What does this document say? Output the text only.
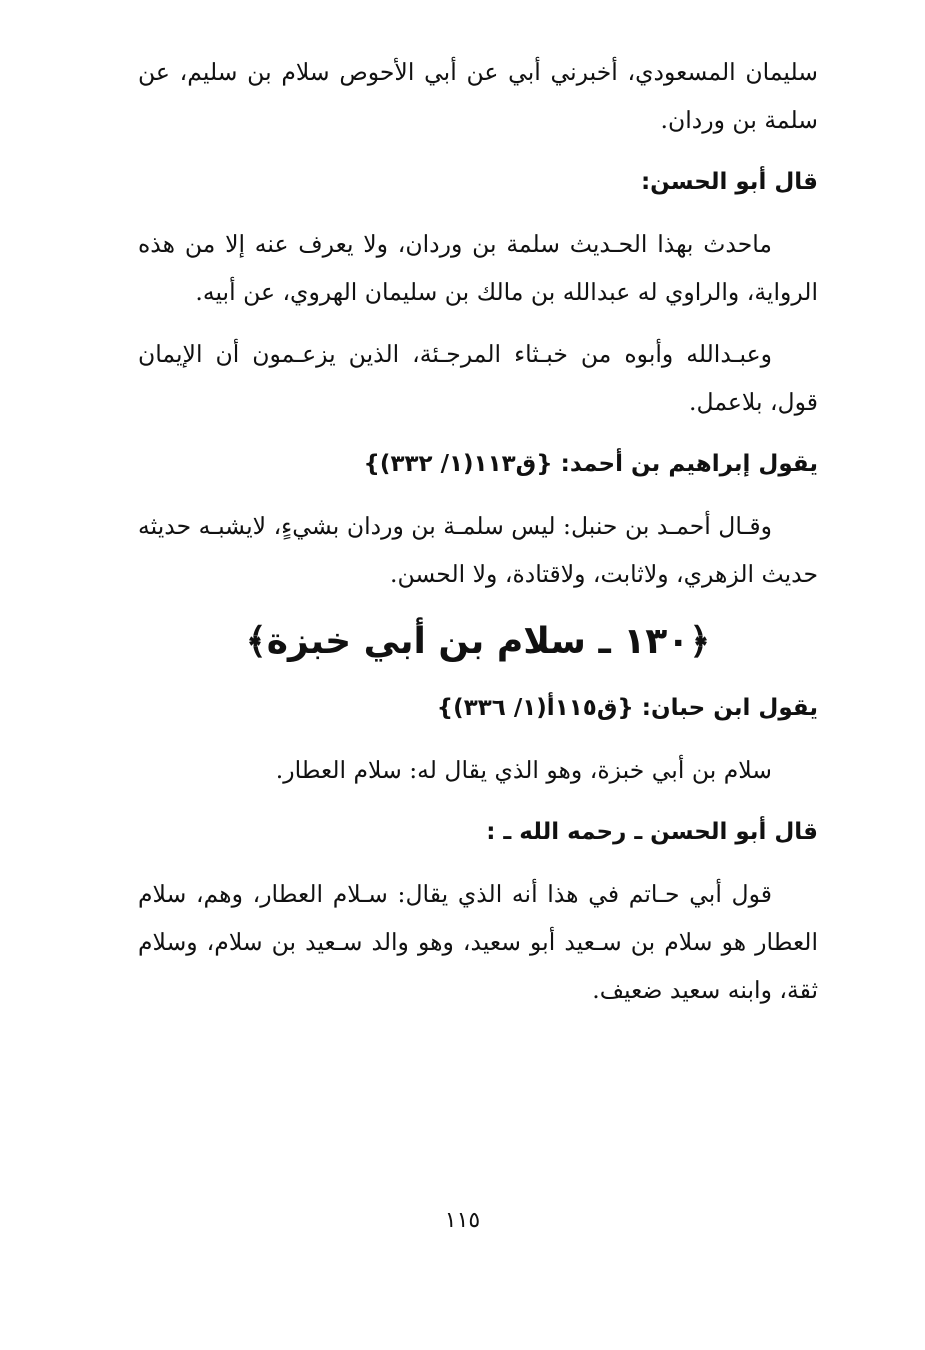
سليمان المسعودي، أخبرني أبي عن أبي الأحوص سلام بن سليم، عن سلمة بن وردان.

قال أبو الحسن:

ماحدث بهذا الحـديث سلمة بن وردان، ولا يعرف عنه إلا من هذه الرواية، والراوي له عبدالله بن مالك بن سليمان الهروي، عن أبيه.

وعبـدالله وأبوه من خبـثاء المرجـئة، الذين يزعـمون أن الإيمان قول، بلاعمل.

يقول إبراهيم بن أحمد: {ق١١٣(١/ ٣٣٢)}

وقـال أحمـد بن حنبل: ليس سلمـة بن وردان بشيءٍ، لايشبـه حديثه حديث الزهري، ولاثابت، ولاقتادة، ولا الحسن.

﴿١٣٠ ـ سلام بن أبي خبزة﴾
يقول ابن حبان: {ق١١٥أ(١/ ٣٣٦)}

سلام بن أبي خبزة، وهو الذي يقال له: سلام العطار.

قال أبو الحسن ـ رحمه الله ـ :

قول أبي حـاتم في هذا أنه الذي يقال: سـلام العطار، وهم، سلام العطار هو سلام بن سـعيد أبو سعيد، وهو والد سـعيد بن سلام، وسلام ثقة، وابنه سعيد ضعيف.

١١٥
